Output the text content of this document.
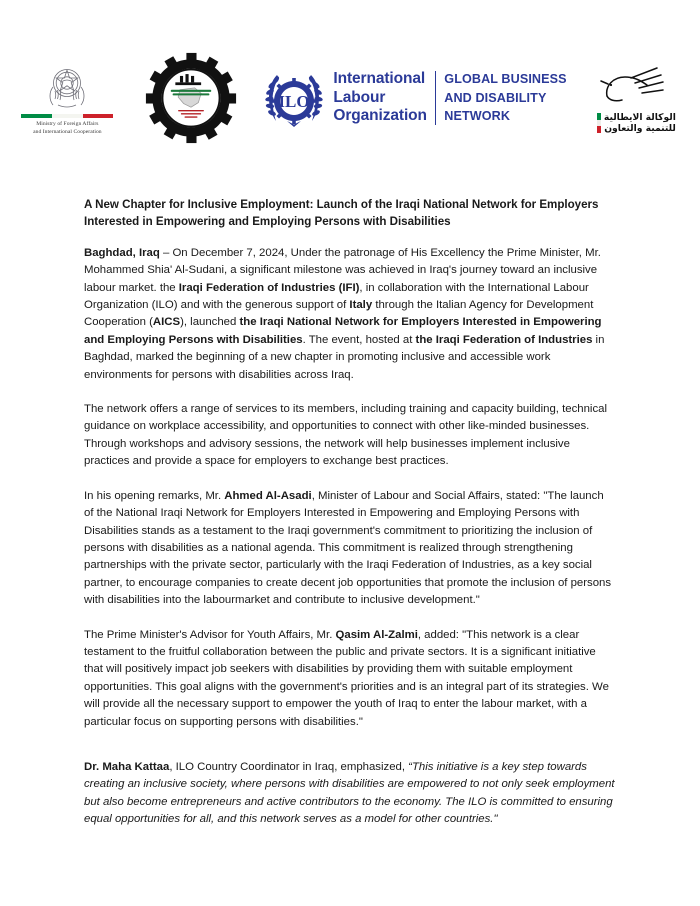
Ministry of Foreign Affairs
and International Cooperation
ILO
International
Labour
Organization
GLOBAL BUSINESS
AND DISABILITY
NETWORK	الوكالة الايطالية
للتنمية والتعاون
A New Chapter for Inclusive Employment: Launch of the Iraqi National Network for Employers Interested in Empowering and Employing Persons with Disabilities

Baghdad, Iraq – On December 7, 2024, Under the patronage of His Excellency the Prime Minister, Mr. Mohammed Shia' Al-Sudani, a significant milestone was achieved in Iraq's journey toward an inclusive labour market. the Iraqi Federation of Industries (IFI), in collaboration with the International Labour Organization (ILO) and with the generous support of Italy through the Italian Agency for Development Cooperation (AICS), launched the Iraqi National Network for Employers Interested in Empowering and Employing Persons with Disabilities. The event, hosted at the Iraqi Federation of Industries in Baghdad, marked the beginning of a new chapter in promoting inclusive and accessible work environments for persons with disabilities across Iraq.

The network offers a range of services to its members, including training and capacity building, technical guidance on workplace accessibility, and opportunities to connect with other like-minded businesses. Through workshops and advisory sessions, the network will help businesses implement inclusive practices and provide a space for employers to exchange best practices.

In his opening remarks, Mr. Ahmed Al-Asadi, Minister of Labour and Social Affairs, stated: "The launch of the National Iraqi Network for Employers Interested in Empowering and Employing Persons with Disabilities stands as a testament to the Iraqi government's commitment to prioritizing the inclusion of persons with disabilities as a national agenda. This commitment is realized through strengthening partnerships with the private sector, particularly with the Iraqi Federation of Industries, as a key social partner, to encourage companies to create decent job opportunities that promote the inclusion of persons with disabilities into the labourmarket and contribute to inclusive development."

The Prime Minister's Advisor for Youth Affairs, Mr. Qasim Al-Zalmi, added: "This network is a clear testament to the fruitful collaboration between the public and private sectors. It is a significant initiative that will positively impact job seekers with disabilities by providing them with suitable employment opportunities. This goal aligns with the government's priorities and is an integral part of its strategies. We will provide all the necessary support to empower the youth of Iraq to enter the labour market, with a particular focus on supporting persons with disabilities."

Dr. Maha Kattaa, ILO Country Coordinator in Iraq, emphasized, “This initiative is a key step towards creating an inclusive society, where persons with disabilities are empowered to not only seek employment but also become entrepreneurs and active contributors to the economy. The ILO is committed to ensuring equal opportunities for all, and this network serves as a model for other countries."
